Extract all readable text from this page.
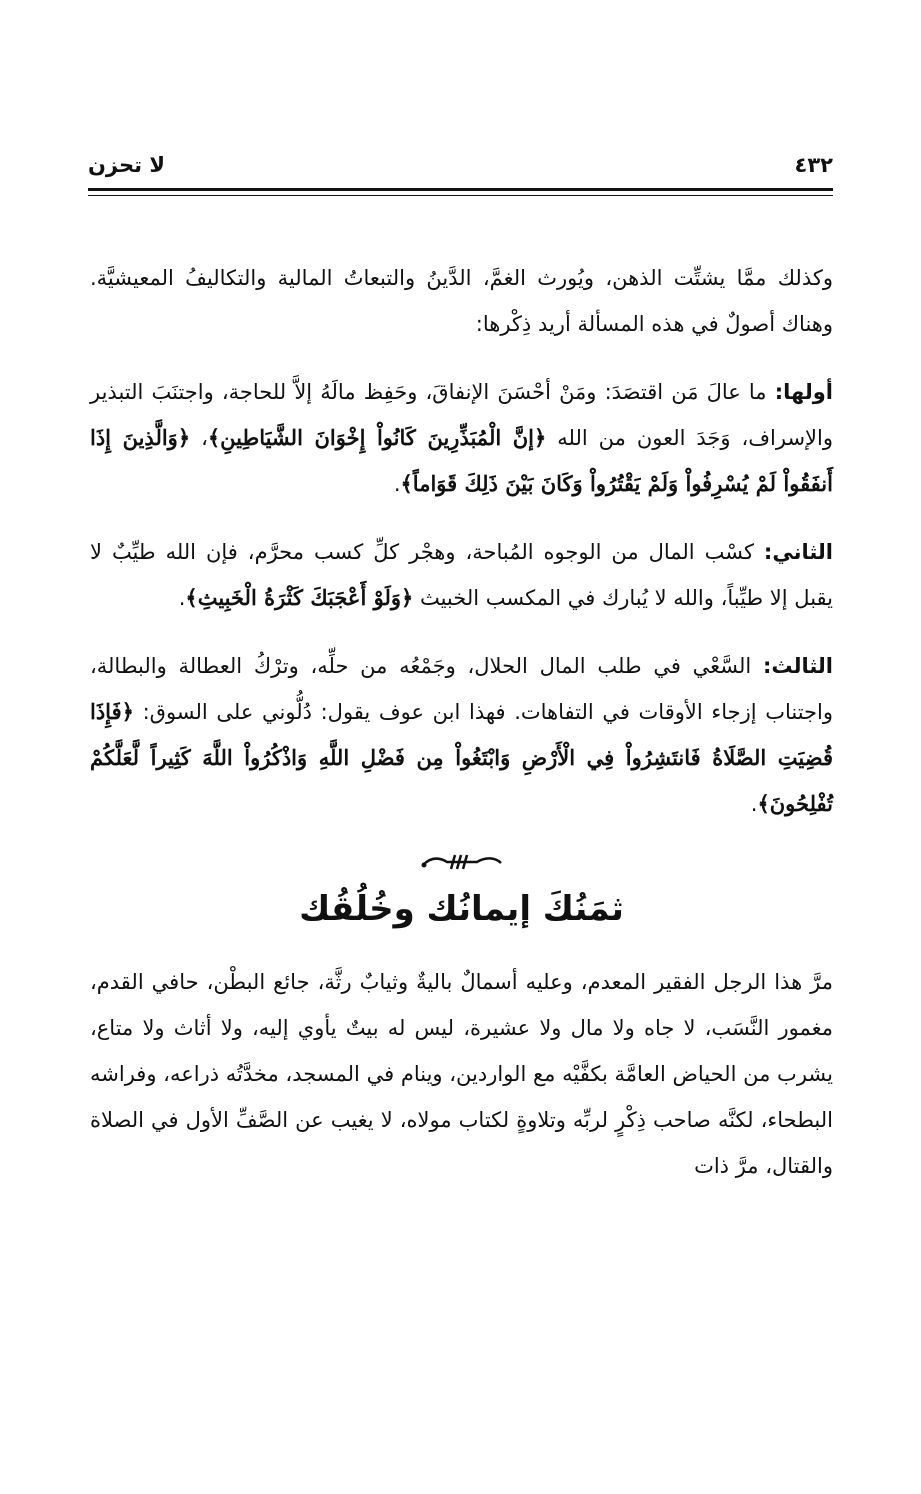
٤٣٢
لا تحزن

وكذلك ممَّا يشتِّت الذهن، ويُورث الغمَّ، الدَّينُ والتبعاتُ المالية والتكاليفُ المعيشيَّة. وهناك أصولٌ في هذه المسألة أريد ذِكْرها:

أولها: ما عالَ مَن اقتصَدَ: ومَنْ أحْسَنَ الإنفاقَ، وحَفِظ مالَهُ إلاَّ للحاجة، واجتنَبَ التبذير والإسراف، وَجَدَ العون من الله ﴿إنَّ الْمُبَذِّرِينَ كَانُواْ إِخْوَانَ الشَّيَاطِينِ﴾، ﴿وَالَّذِينَ إِذَا أَنفَقُواْ لَمْ يُسْرِفُواْ وَلَمْ يَقْتُرُواْ وَكَانَ بَيْنَ ذَلِكَ قَوَاماً﴾.

الثاني: كسْب المال من الوجوه المُباحة، وهجْر كلِّ كسب محرَّم، فإن الله طيِّبٌ لا يقبل إلا طيِّباً، والله لا يُبارك في المكسب الخبيث ﴿وَلَوْ أَعْجَبَكَ كَثْرَةُ الْخَبِيثِ﴾.

الثالث: السَّعْي في طلب المال الحلال، وجَمْعُه من حلِّه، وترْكُ العطالة والبطالة، واجتناب إزجاء الأوقات في التفاهات. فهذا ابن عوف يقول: دُلُّوني على السوق: ﴿فَإِذَا قُضِيَتِ الصَّلَاةُ فَانتَشِرُواْ فِي الْأَرْضِ وَابْتَغُواْ مِن فَضْلِ اللَّهِ وَاذْكُرُواْ اللَّهَ كَثِيراً لَّعَلَّكُمْ تُفْلِحُونَ﴾.

ثمَنُكَ إيمانُك وخُلُقُك

مرَّ هذا الرجل الفقير المعدم، وعليه أسمالٌ باليةٌ وثيابٌ رثَّة، جائع البطْن، حافي القدم، مغمور النَّسَب، لا جاه ولا مال ولا عشيرة، ليس له بيتٌ يأوي إليه، ولا أثاث ولا متاع، يشرب من الحياض العامَّة بكفَّيْه مع الواردين، وينام في المسجد، مخدَّتُه ذراعه، وفراشه البطحاء، لكنَّه صاحب ذِكْرٍ لربِّه وتلاوةٍ لكتاب مولاه، لا يغيب عن الصَّفِّ الأول في الصلاة والقتال، مرَّ ذات
